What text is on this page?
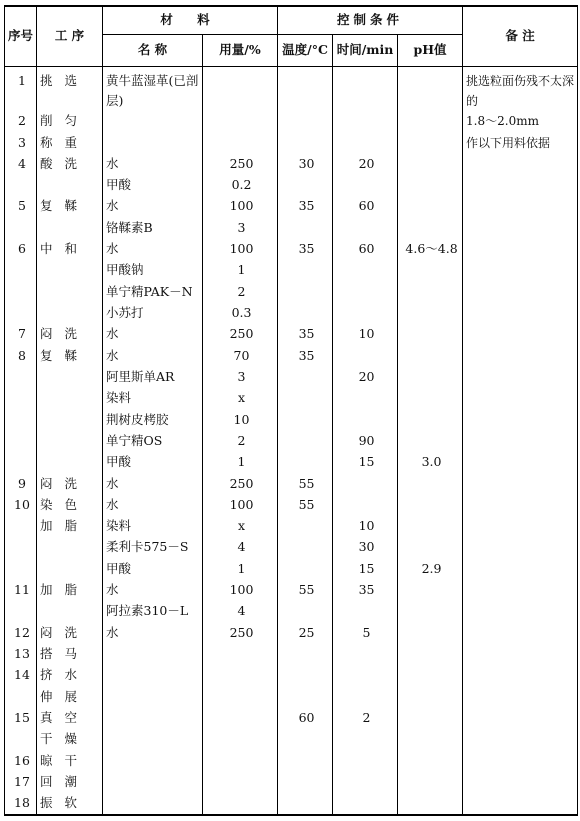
序号	工 序	材 料		控制条件			备 注
		名 称	用量/%	温度/°C	时间/min	pH值	
1	挑选	黄牛蓝湿革(已剖层)					挑选粒面伤残不太深的
2	削匀						1.8～2.0mm
3	称重						作以下用料依据
4	酸洗	水	250	30	20		
		甲酸	0.2				
5	复鞣	水	100	35	60		
		铬鞣素B	3				
6	中和	水	100	35	60	4.6～4.8	
		甲酸钠	1				
		单宁精PAK－N	2				
		小苏打	0.3				
7	闷洗	水	250	35	10		
8	复鞣	水	70	35			
		阿里斯单AR	3		20		
		染料	x				
		荆树皮栲胶	10				
		单宁精OS	2		90		
		甲酸	1		15	3.0	
9	闷洗	水	250	55			
10	染色	水	100	55			
	加脂	染料	x		10		
		柔利卡575－S	4		30		
		甲酸	1		15	2.9	
11	加脂	水	100	55	35		
		阿拉素310－L	4				
12	闷洗	水	250	25	5		
13	搭马						
14	挤水						
	伸展						
15	真空			60	2		
	干燥						
16	晾干						
17	回潮						
18	振软						
